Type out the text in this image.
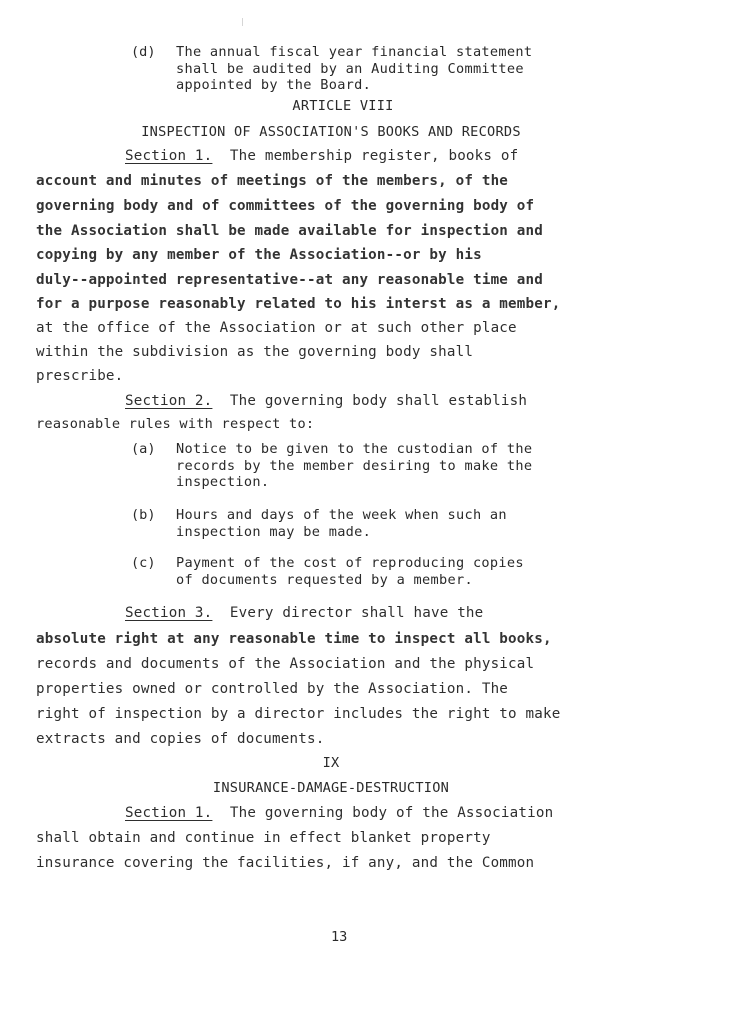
(d) The annual fiscal year financial statement
shall be audited by an Auditing Committee
appointed by the Board.
ARTICLE VIII
INSPECTION OF ASSOCIATION'S BOOKS AND RECORDS
Section 1. The membership register, books of
account and minutes of meetings of the members, of the
governing body and of committees of the governing body of
the Association shall be made available for inspection and
copying by any member of the Association--or by his
duly--appointed representative--at any reasonable time and
for a purpose reasonably related to his interst as a member,
at the office of the Association or at such other place
within the subdivision as the governing body shall
prescribe.
Section 2. The governing body shall establish
reasonable rules with respect to:
(a) Notice to be given to the custodian of the
records by the member desiring to make the
inspection.
(b) Hours and days of the week when such an
inspection may be made.
(c) Payment of the cost of reproducing copies
of documents requested by a member.
Section 3. Every director shall have the
absolute right at any reasonable time to inspect all books,
records and documents of the Association and the physical
properties owned or controlled by the Association. The
right of inspection by a director includes the right to make
extracts and copies of documents.
IX
INSURANCE-DAMAGE-DESTRUCTION
Section 1. The governing body of the Association
shall obtain and continue in effect blanket property
insurance covering the facilities, if any, and the Common
13
